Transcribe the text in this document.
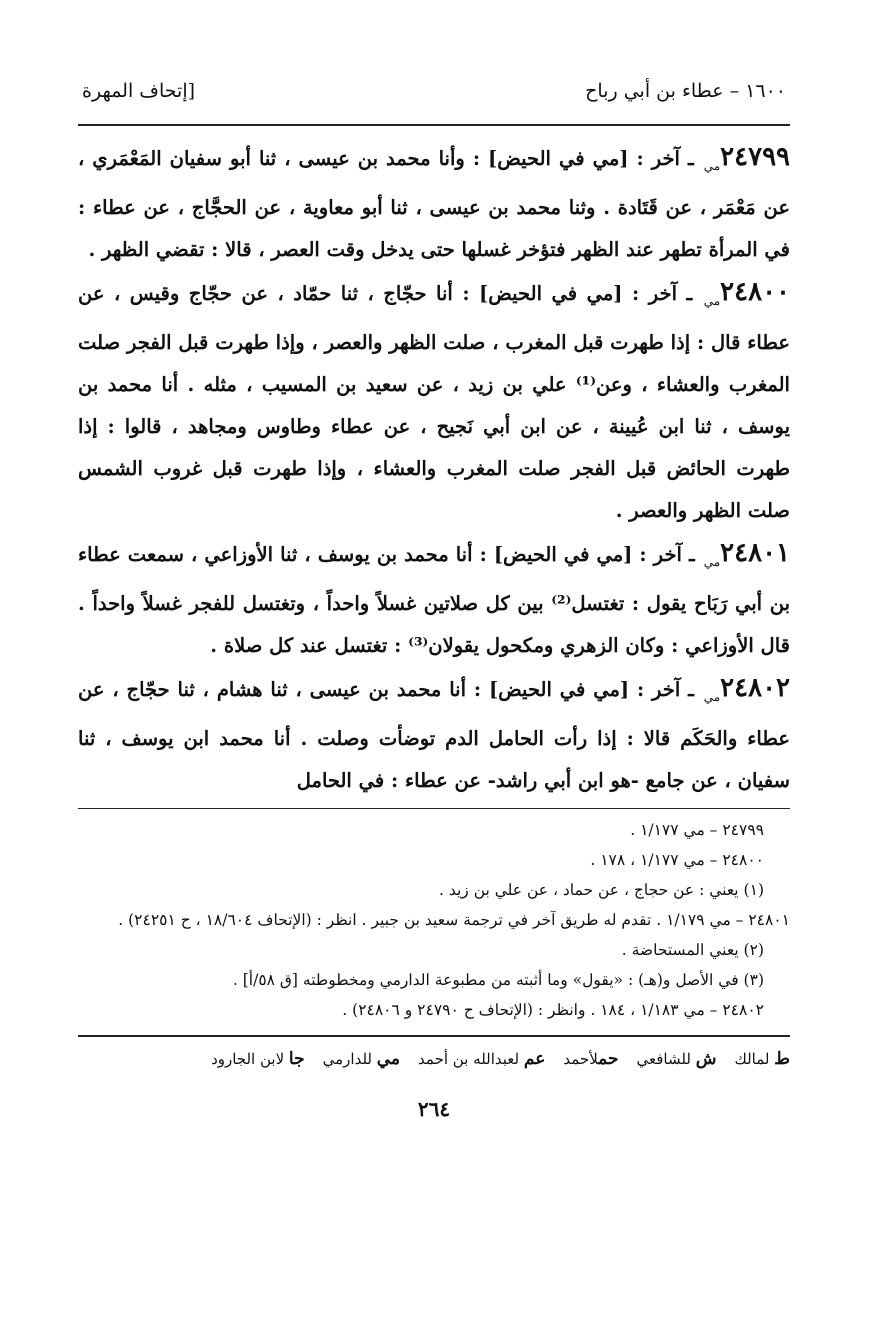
١٦٠٠ – عطاء بن أبي رباح
[إتحاف المهرة

$٢٤٧٩٩_{مي}$ ـ آخر : [مي في الحيض] : وأنا محمد بن عيسى ، ثنا أبو سفيان المَعْمَري ، عن مَعْمَر ، عن قَتَادة . وثنا محمد بن عيسى ، ثنا أبو معاوية ، عن الحجَّاج ، عن عطاء : في المرأة تطهر عند الظهر فتؤخر غسلها حتى يدخل وقت العصر ، قالا : تقضي الظهر .

$٢٤٨٠٠_{مي}$ ـ آخر : [مي في الحيض] : أنا حجّاج ، ثنا حمّاد ، عن حجّاج وقيس ، عن عطاء قال : إذا طهرت قبل المغرب ، صلت الظهر والعصر ، وإذا طهرت قبل الفجر صلت المغرب والعشاء ، وعن⁽¹⁾ علي بن زيد ، عن سعيد بن المسيب ، مثله . أنا محمد بن يوسف ، ثنا ابن عُيينة ، عن ابن أبي نَجيح ، عن عطاء وطاوس ومجاهد ، قالوا : إذا طهرت الحائض قبل الفجر صلت المغرب والعشاء ، وإذا طهرت قبل غروب الشمس صلت الظهر والعصر .

$٢٤٨٠١_{مي}$ ـ آخر : [مي في الحيض] : أنا محمد بن يوسف ، ثنا الأوزاعي ، سمعت عطاء بن أبي رَبَاح يقول : تغتسل⁽²⁾ بين كل صلاتين غسلاً واحداً ، وتغتسل للفجر غسلاً واحداً . قال الأوزاعي : وكان الزهري ومكحول يقولان⁽³⁾ : تغتسل عند كل صلاة .

$٢٤٨٠٢_{مي}$ ـ آخر : [مي في الحيض] : أنا محمد بن عيسى ، ثنا هشام ، ثنا حجّاج ، عن عطاء والحَكَم قالا : إذا رأت الحامل الدم توضأت وصلت . أنا محمد ابن يوسف ، ثنا سفيان ، عن جامع -هو ابن أبي راشد- عن عطاء : في الحامل

٢٤٧٩٩ – مي ١/١٧٧ .

٢٤٨٠٠ – مي ١/١٧٧ ، ١٧٨ .

(١) يعني : عن حجاج ، عن حماد ، عن علي بن زيد .

٢٤٨٠١ – مي ١/١٧٩ . تقدم له طريق آخر في ترجمة سعيد بن جبير . انظر : (الإتحاف ١٨/٦٠٤ ، ح ٢٤٢٥١) .

(٢) يعني المستحاضة .

(٣) في الأصل و(هـ) : «يقول» وما أثبته من مطبوعة الدارمي ومخطوطته [ق ٥٨/أ] .

٢٤٨٠٢ – مي ١/١٨٣ ، ١٨٤ . وانظر : (الإتحاف ح ٢٤٧٩٠ و ٢٤٨٠٦) .

ط لمالك
ش للشافعي
حملأحمد
عم لعبدالله بن أحمد
مي للدارمي
جا لابن الجارود
٢٦٤
